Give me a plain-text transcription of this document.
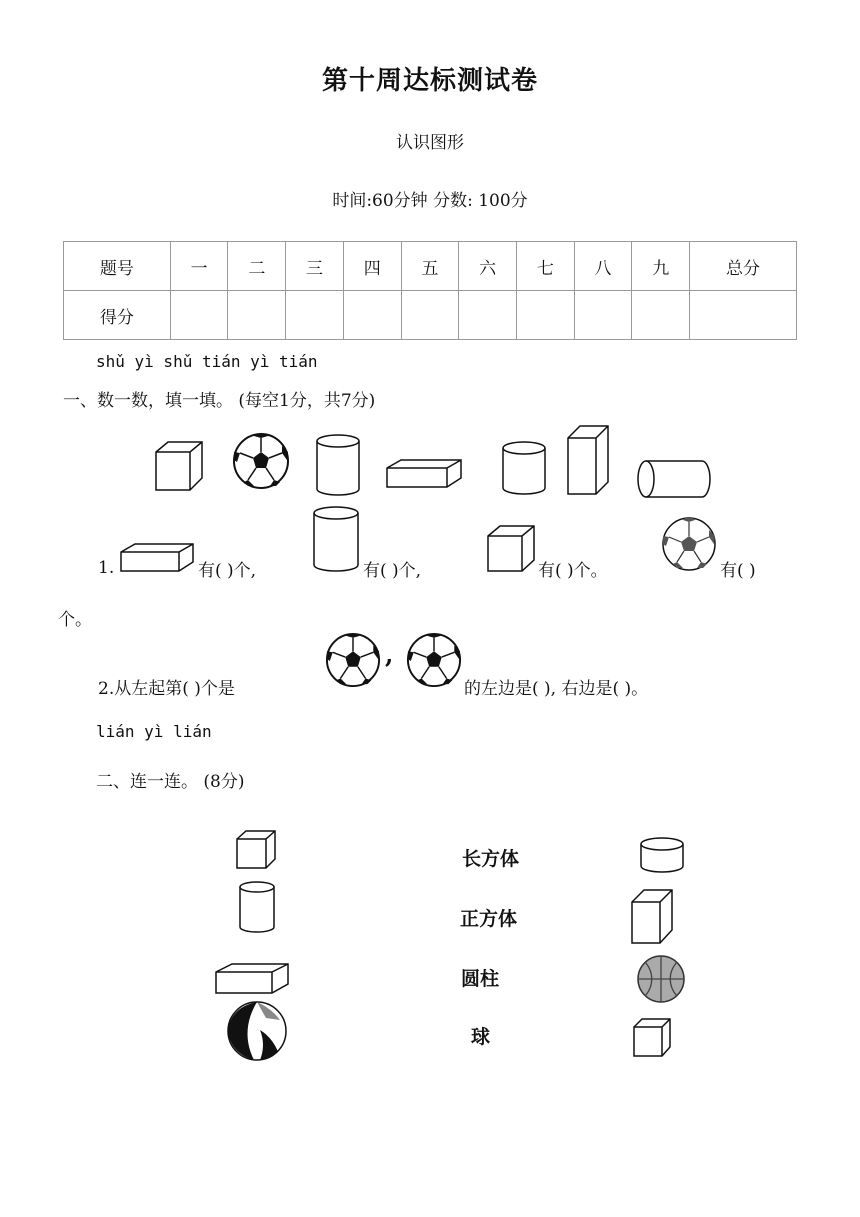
第十周达标测试卷
认识图形
时间:60分钟 分数: 100分
题号	一	二	三	四	五	六	七	八	九	总分
得分										
shǔ yì shǔ tián yì tián
一、数一数，填一填。 (每空1分，共7分)
1.	有( )个,	有( )个,	有( )个。	有( )
个。
2.从左起第( )个是
,
的左边是( ), 右边是( )。
lián yì lián
二、连一连。 (8分)
长方体
正方体
圆柱
球
